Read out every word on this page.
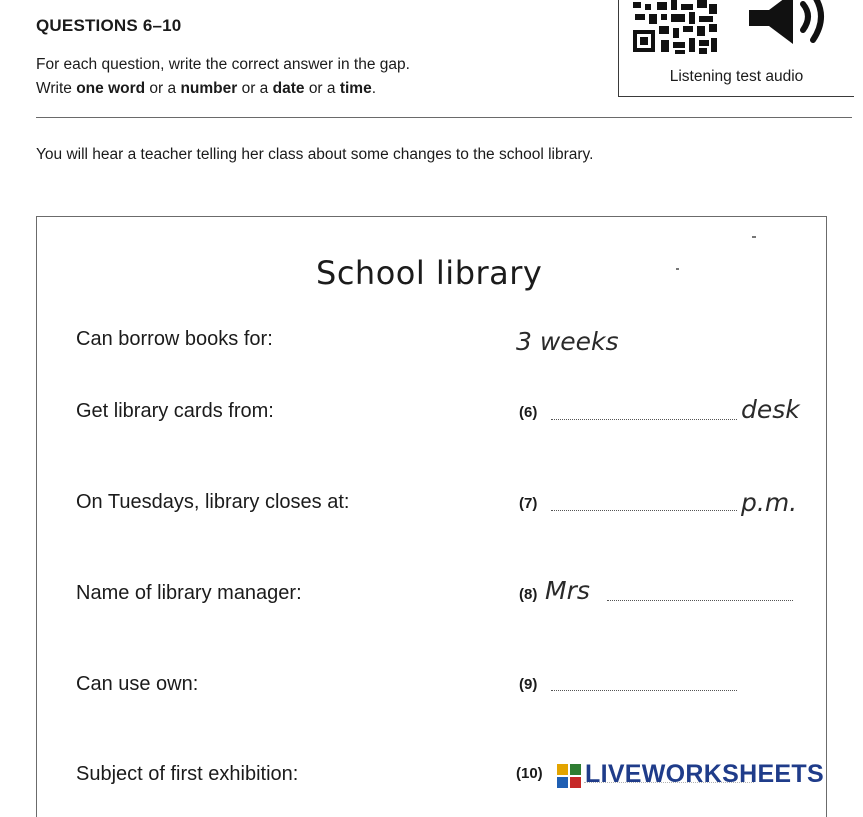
QUESTIONS 6–10
For each question, write the correct answer in the gap.
Write one word or a number or a date or a time.
Listening test audio
You will hear a teacher telling her class about some changes to the school library.
School library
Can borrow books for:	3 weeks
Get library cards from:	(6)	desk
On Tuesdays, library closes at:	(7)	p.m.
Name of library manager:	(8) Mrs
Can use own:	(9)
Subject of first exhibition:	(10)	LIVEWORKSHEETS
